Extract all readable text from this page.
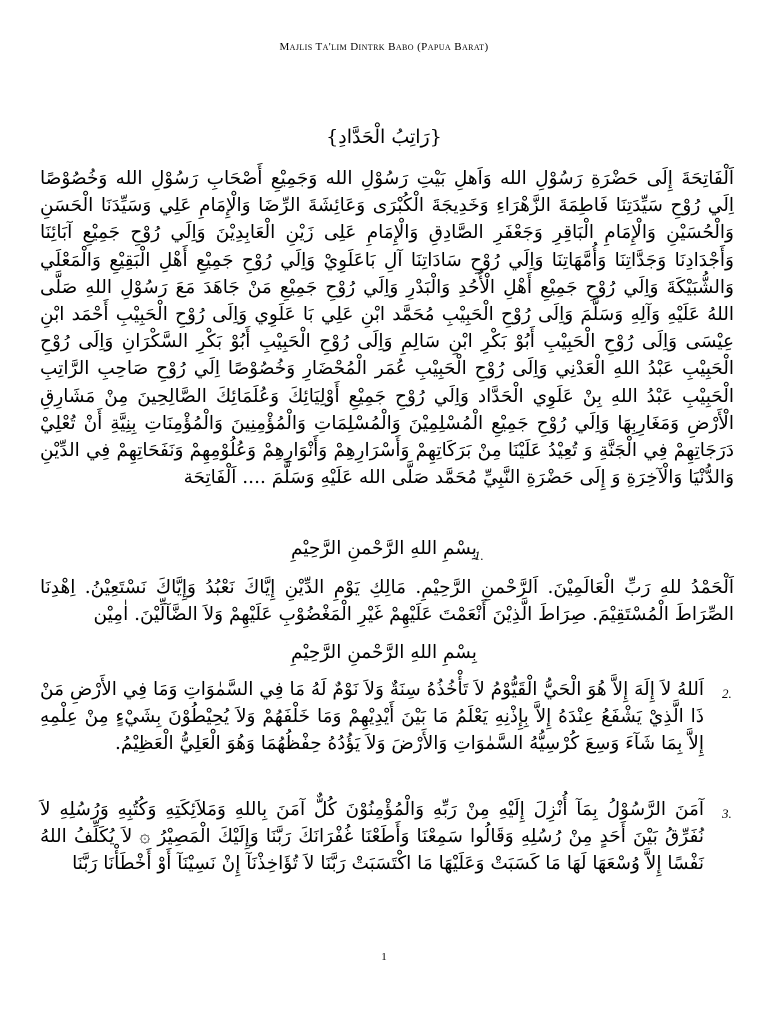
Majlis Ta'lim Dintrk Babo (Papua Barat)
{رَاتِبُ الْحَدَّادِ}
اَلْفَاتِحَةَ إِلَى حَضْرَةِ رَسُوْلِ الله وَاَهلِ بَيْتِ رَسُوْلِ الله وَجَمِيْعِ أَصْحَابِ رَسُوْلِ الله وَخُصُوْصًا اِلَي رُوْحِ سَيِّدَتِنَا فَاطِمَةَ الزَّهْرَاءِ وَخَدِيجَةَ الْكُبْرَى وَعَائِشَةَ الرِّضَا وَالْإِمَامِ عَلِي وَسَيِّدَنَا الْحَسَنِ وَالْحُسَيْنِ وَالْإِمَامِ الْبَاقِرِ وَجَعْفَرِ الصَّادِقِ وَالْإِمَامِ عَلِى زَيْنِ الْعَابِدِيْنَ وَاِلَي رُوْحِ جَمِيْعِ آبَائِنَا وَأَجْدَادِنَا وَجَدَّاتِنَا وَأُمَّهَاتِنَا وَاِلَي رُوْحِ سَادَاتِنَا آلِ بَاعَلَوِيْ وَاِلَي رُوْحِ جَمِيْعِ أَهْلِ الْبَقِيْعِ وَالْمَعْلَي وَالشُّبَيْكَةَ وَاِلَي رُوْحِ جَمِيْعِ أَهْلِ الْأُحُدِ وَالْبَدْرِ وَاِلَي رُوْحِ جَمِيْعِ مَنْ جَاهَدَ مَعَ رَسُوْلِ اللهِ صَلَّى اللهُ عَلَيْهِ وَآلِهِ وَسَلَّمَ وَاِلَى رُوْحِ الْحَبِيْبِ مُحَمَّد ابْنِ عَلِي بَا عَلَوِي وَاِلَى رُوْحِ الْحَبِيْبِ أَحْمَد ابْنِ عِيْسَى وَاِلَى رُوْحِ الْحَبِيْبِ أَبُوْ بَكْرِ ابْنِ سَالِمِ وَاِلَى رُوْحِ الْحَبِيْبِ أَبُوْ بَكْرِ السَّكْرَانِ وَاِلَى رُوْحِ الْحَبِيْبِ عَبْدُ اللهِ الْعَدْنِي وَاِلَى رُوْحِ الْحَبِيْبِ عُمَر الْمُحْضَارِ وَخُصُوْصًا اِلَي رُوْحِ صَاحِبِ الرَّاتِبِ الْحَبِيْبِ عَبْدُ اللهِ بِنْ عَلَوِي الْحَدَّاد وَاِلَي رُوْحِ جَمِيْعِ أَوْلِيَائِكَ وَعُلَمَائِكَ الصَّالِحِينَ مِنْ مَشَارِقِ الْأَرْضِ وَمَغَارِبِهَا وَاِلَي رُوْحِ جَمِيْعِ الْمُسْلِمِيْنَ وَالْمُسْلِمَاتِ وَالْمُؤْمِنِينَ وَالْمُؤْمِنَاتِ بِنِيَّةِ أَنْ تُعْلِيْ دَرَجَاتِهِمْ فِي الْجَنَّةِ وَ تُعِيْدُ عَلَيْنَا مِنْ بَرَكَاتِهِمْ وَأَسْرَارِهِمْ وَأَنْوَارِهِمْ وَعُلُوْمِهِمْ وَنَفَحَاتِهِمْ فِي الدِّيْنِ وَالدُّنْيَا وَالْآخِرَةِ وَ إِلَى حَضْرَةِ النَّبِيِّ مُحَمَّد صَلَّى الله عَلَيْهِ وَسَلَّمَ .... اَلْفَاتِحَة
بِسْمِ اللهِ الرَّحْمنِ الرَّحِيْمِ
1.
اَلْحَمْدُ للهِ رَبِّ الْعَالَمِيْنَ. اَلرَّحْمنِ الرَّحِيْمِ. مَالِكِ يَوْمِ الدِّيْنِ إِيَّاكَ نَعْبُدُ وَإِيَّاكَ نَسْتَعِيْنُ. اِهْدِنَا الصِّرَاطَ الْمُسْتَقِيْمَ. صِرَاطَ الَّذِيْنَ أَنْعَمْتَ عَلَيْهِمْ غَيْرِ الْمَغْضُوْبِ عَلَيْهِمْ وَلاَ الضَّآلِّيْنَ. اٰمِيْن
بِسْمِ اللهِ الرَّحْمنِ الرَّحِيْمِ
2.
اَللهُ لاَ إِلَهَ إِلاَّ هُوَ الْحَيُّ الْقَيُّوْمُ لاَ تَأْخُذُهُ سِنَةٌ وَلاَ نَوْمٌ لَهُ مَا فِي السَّمٰوَاتِ وَمَا فِي الأَرْضِ مَنْ ذَا الَّذِيْ يَشْفَعُ عِنْدَهُ إِلاَّ بِإِذْنِهِ يَعْلَمُ مَا بَيْنَ أَيْدِيْهِمْ وَمَا خَلْفَهُمْ وَلاَ يُحِيْطُوْنَ بِشَيْءٍ مِنْ عِلْمِهِ إِلاَّ بِمَا شَآءَ وَسِعَ كُرْسِيُّهُ السَّمٰوَاتِ وَالأَرْضَ وَلاَ يَؤُدُهُ حِفْظُهُمَا وَهُوَ الْعَلِيُّ الْعَظِيْمُ.
3.
آمَنَ الرَّسُوْلُ بِمَآ أُنْزِلَ إِلَيْهِ مِنْ رَبِّهِ وَالْمُؤْمِنُوْنَ كُلٌّ آمَنَ بِاللهِ وَمَلاَئِكَتِهِ وَكُتُبِهِ وَرُسُلِهِ لاَ نُفَرِّقُ بَيْنَ أَحَدٍ مِنْ رُسُلِهِ وَقَالُوا سَمِعْنَا وَأَطَعْنَا غُفْرَانَكَ رَبَّنَا وَإِلَيْكَ الْمَصِيْرُ ۞ لاَ يُكَلِّفُ اللهُ نَفْسًا إِلاَّ وُسْعَهَا لَهَا مَا كَسَبَتْ وَعَلَيْهَا مَا اكْتَسَبَتْ رَبَّنَا لاَ تُؤَاخِذْنَآ إِنْ نَسِيْنَآ أَوْ أَخْطَأْنَا رَبَّنَا
1
